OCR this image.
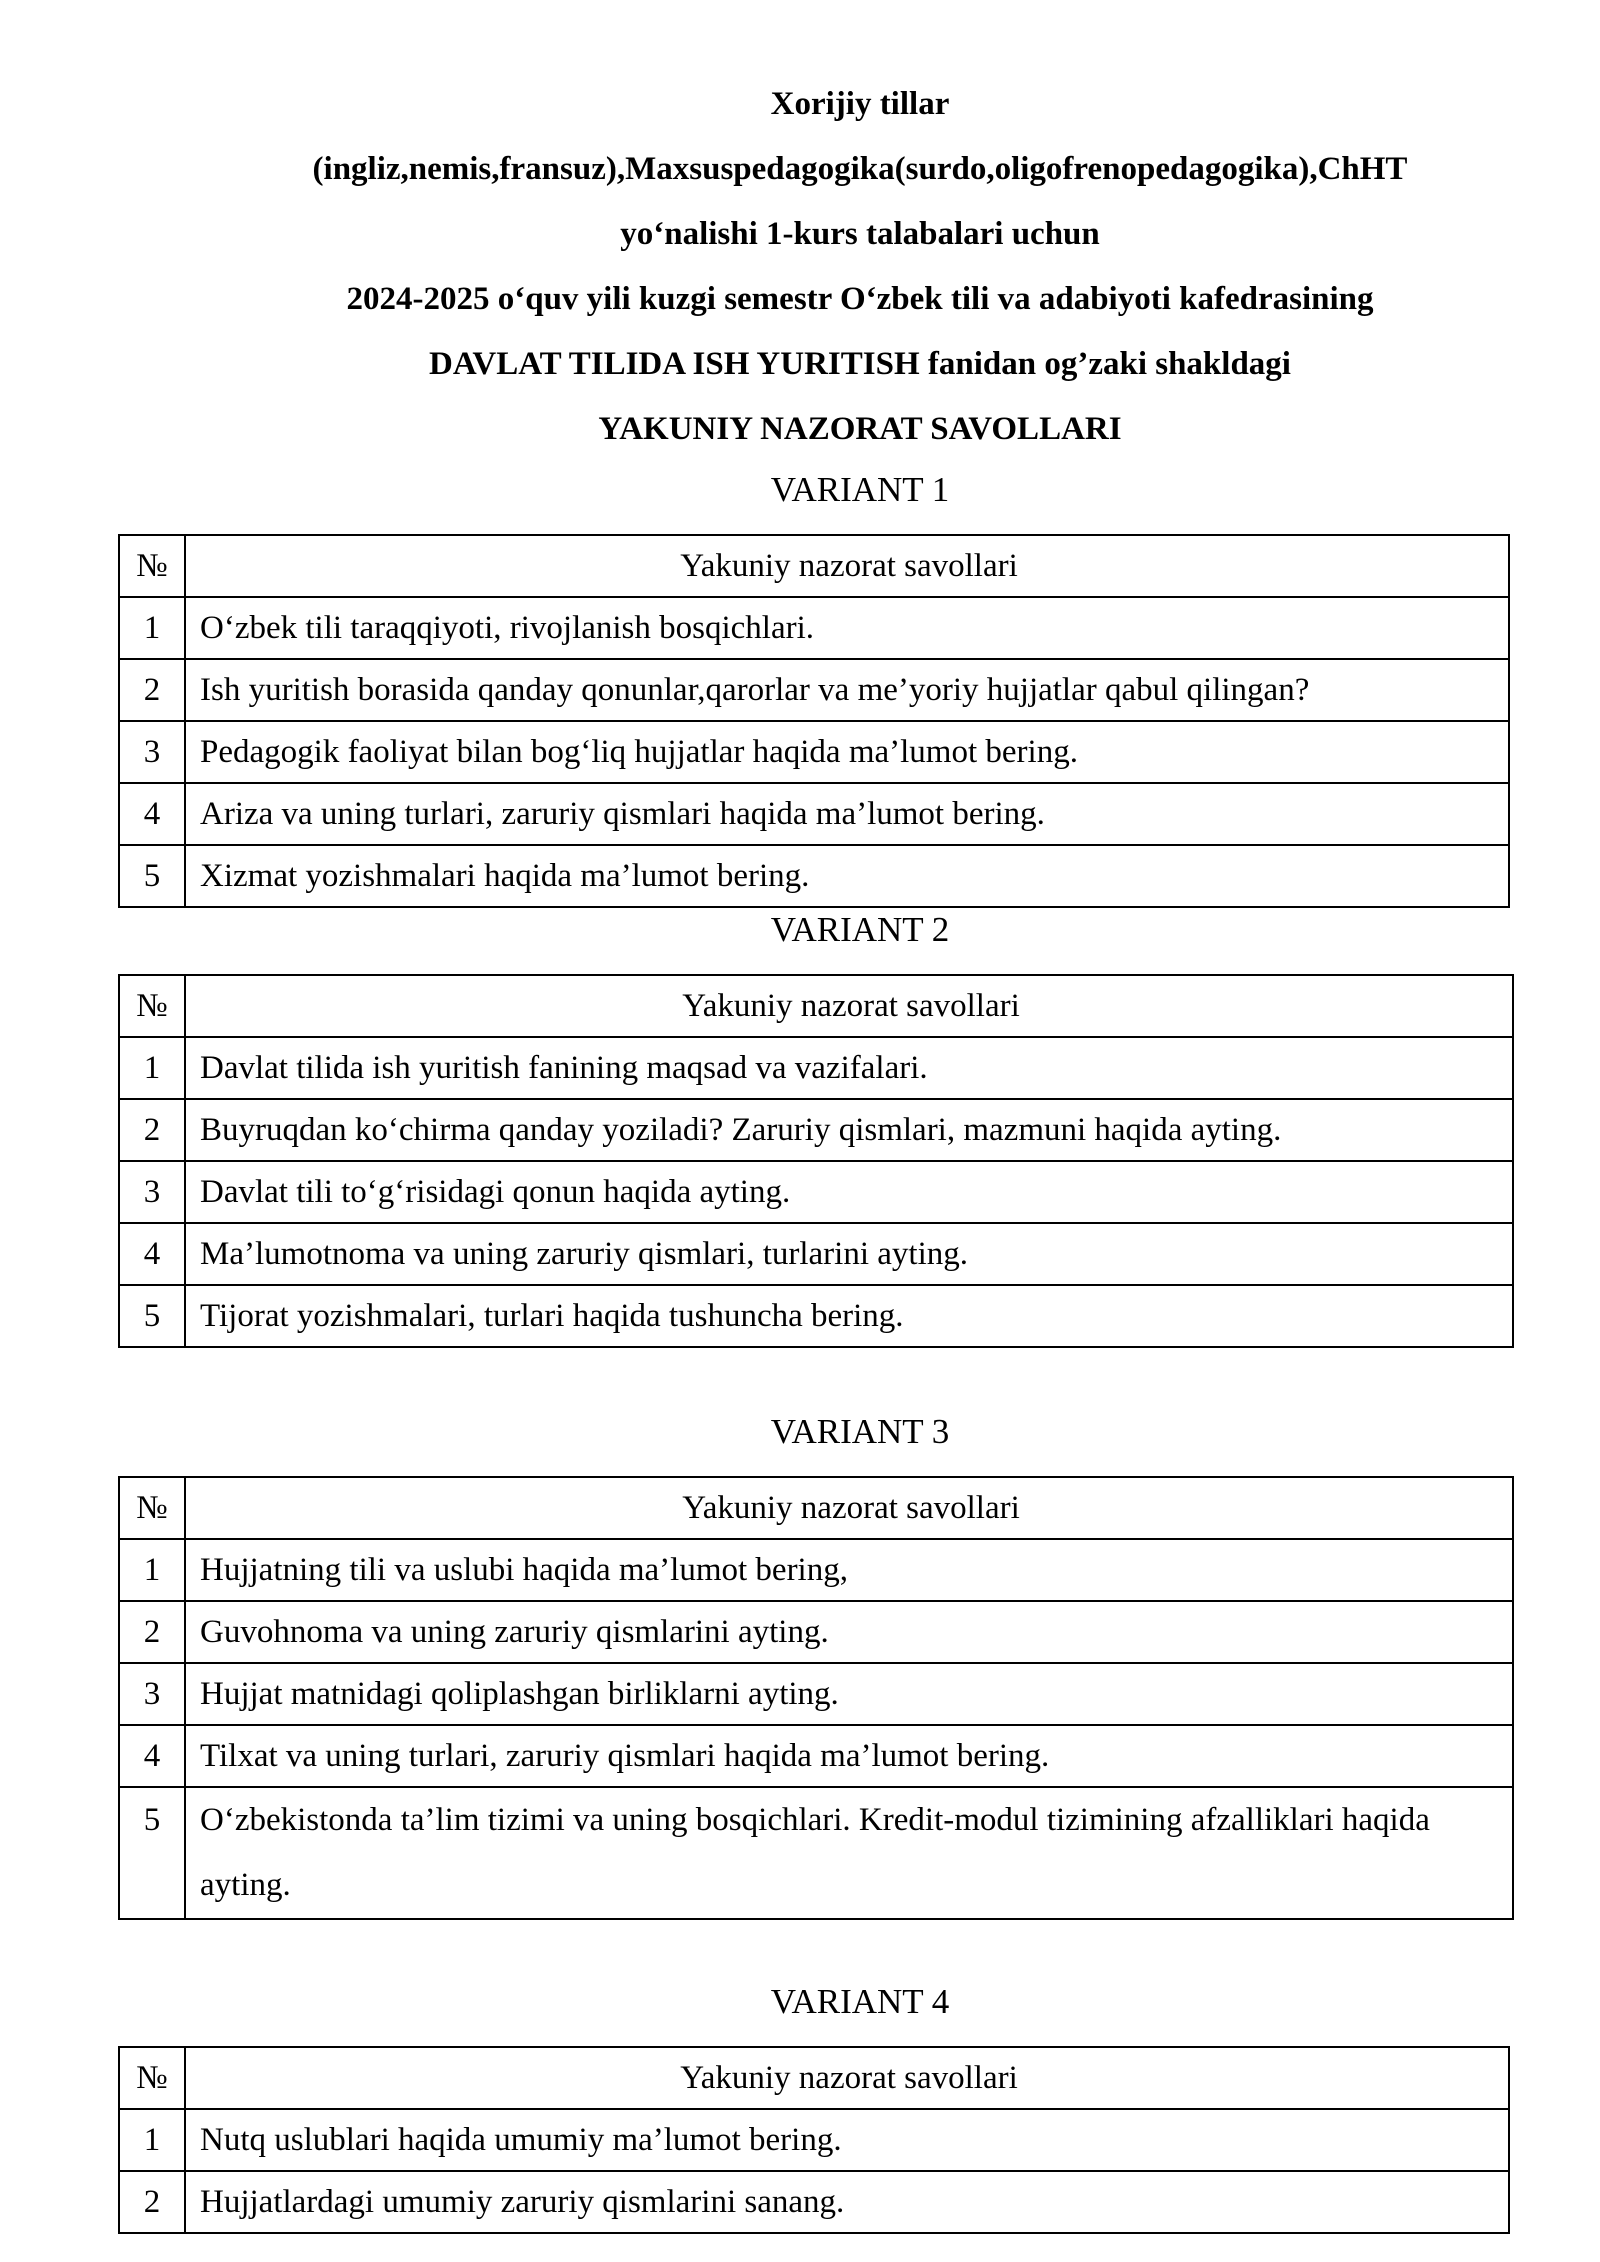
Xorijiy tillar
(ingliz,nemis,fransuz),Maxsuspedagogika(surdo,oligofrenopedagogika),ChHT
yo‘nalishi 1-kurs talabalari uchun
2024-2025 o‘quv yili kuzgi semestr O‘zbek tili va adabiyoti kafedrasining
DAVLAT TILIDA ISH YURITISH fanidan og’zaki shakldagi
YAKUNIY NAZORAT SAVOLLARI
VARIANT 1
№	Yakuniy nazorat savollari
1	O‘zbek tili taraqqiyoti, rivojlanish bosqichlari.
2	Ish yuritish borasida qanday qonunlar,qarorlar va me’yoriy hujjatlar qabul qilingan?
3	Pedagogik faoliyat bilan bog‘liq hujjatlar haqida ma’lumot bering.
4	Ariza va uning turlari, zaruriy qismlari haqida ma’lumot bering.
5	Xizmat yozishmalari haqida ma’lumot bering.
VARIANT 2
№	Yakuniy nazorat savollari
1	Davlat tilida ish yuritish fanining maqsad va vazifalari.
2	Buyruqdan ko‘chirma qanday yoziladi? Zaruriy qismlari, mazmuni haqida ayting.
3	Davlat tili to‘g‘risidagi qonun haqida ayting.
4	Ma’lumotnoma va uning zaruriy qismlari, turlarini ayting.
5	Tijorat yozishmalari, turlari haqida tushuncha bering.
VARIANT 3
№	Yakuniy nazorat savollari
1	Hujjatning tili va uslubi haqida ma’lumot bering,
2	Guvohnoma va uning zaruriy qismlarini ayting.
3	Hujjat matnidagi qoliplashgan birliklarni ayting.
4	Tilxat va uning turlari, zaruriy qismlari haqida ma’lumot bering.

5	O‘zbekistonda ta’lim tizimi va uning bosqichlari. Kredit-modul tizimining afzalliklari haqida ayting.
VARIANT 4
№	Yakuniy nazorat savollari
1	Nutq uslublari haqida umumiy ma’lumot bering.
2	Hujjatlardagi umumiy zaruriy qismlarini sanang.
